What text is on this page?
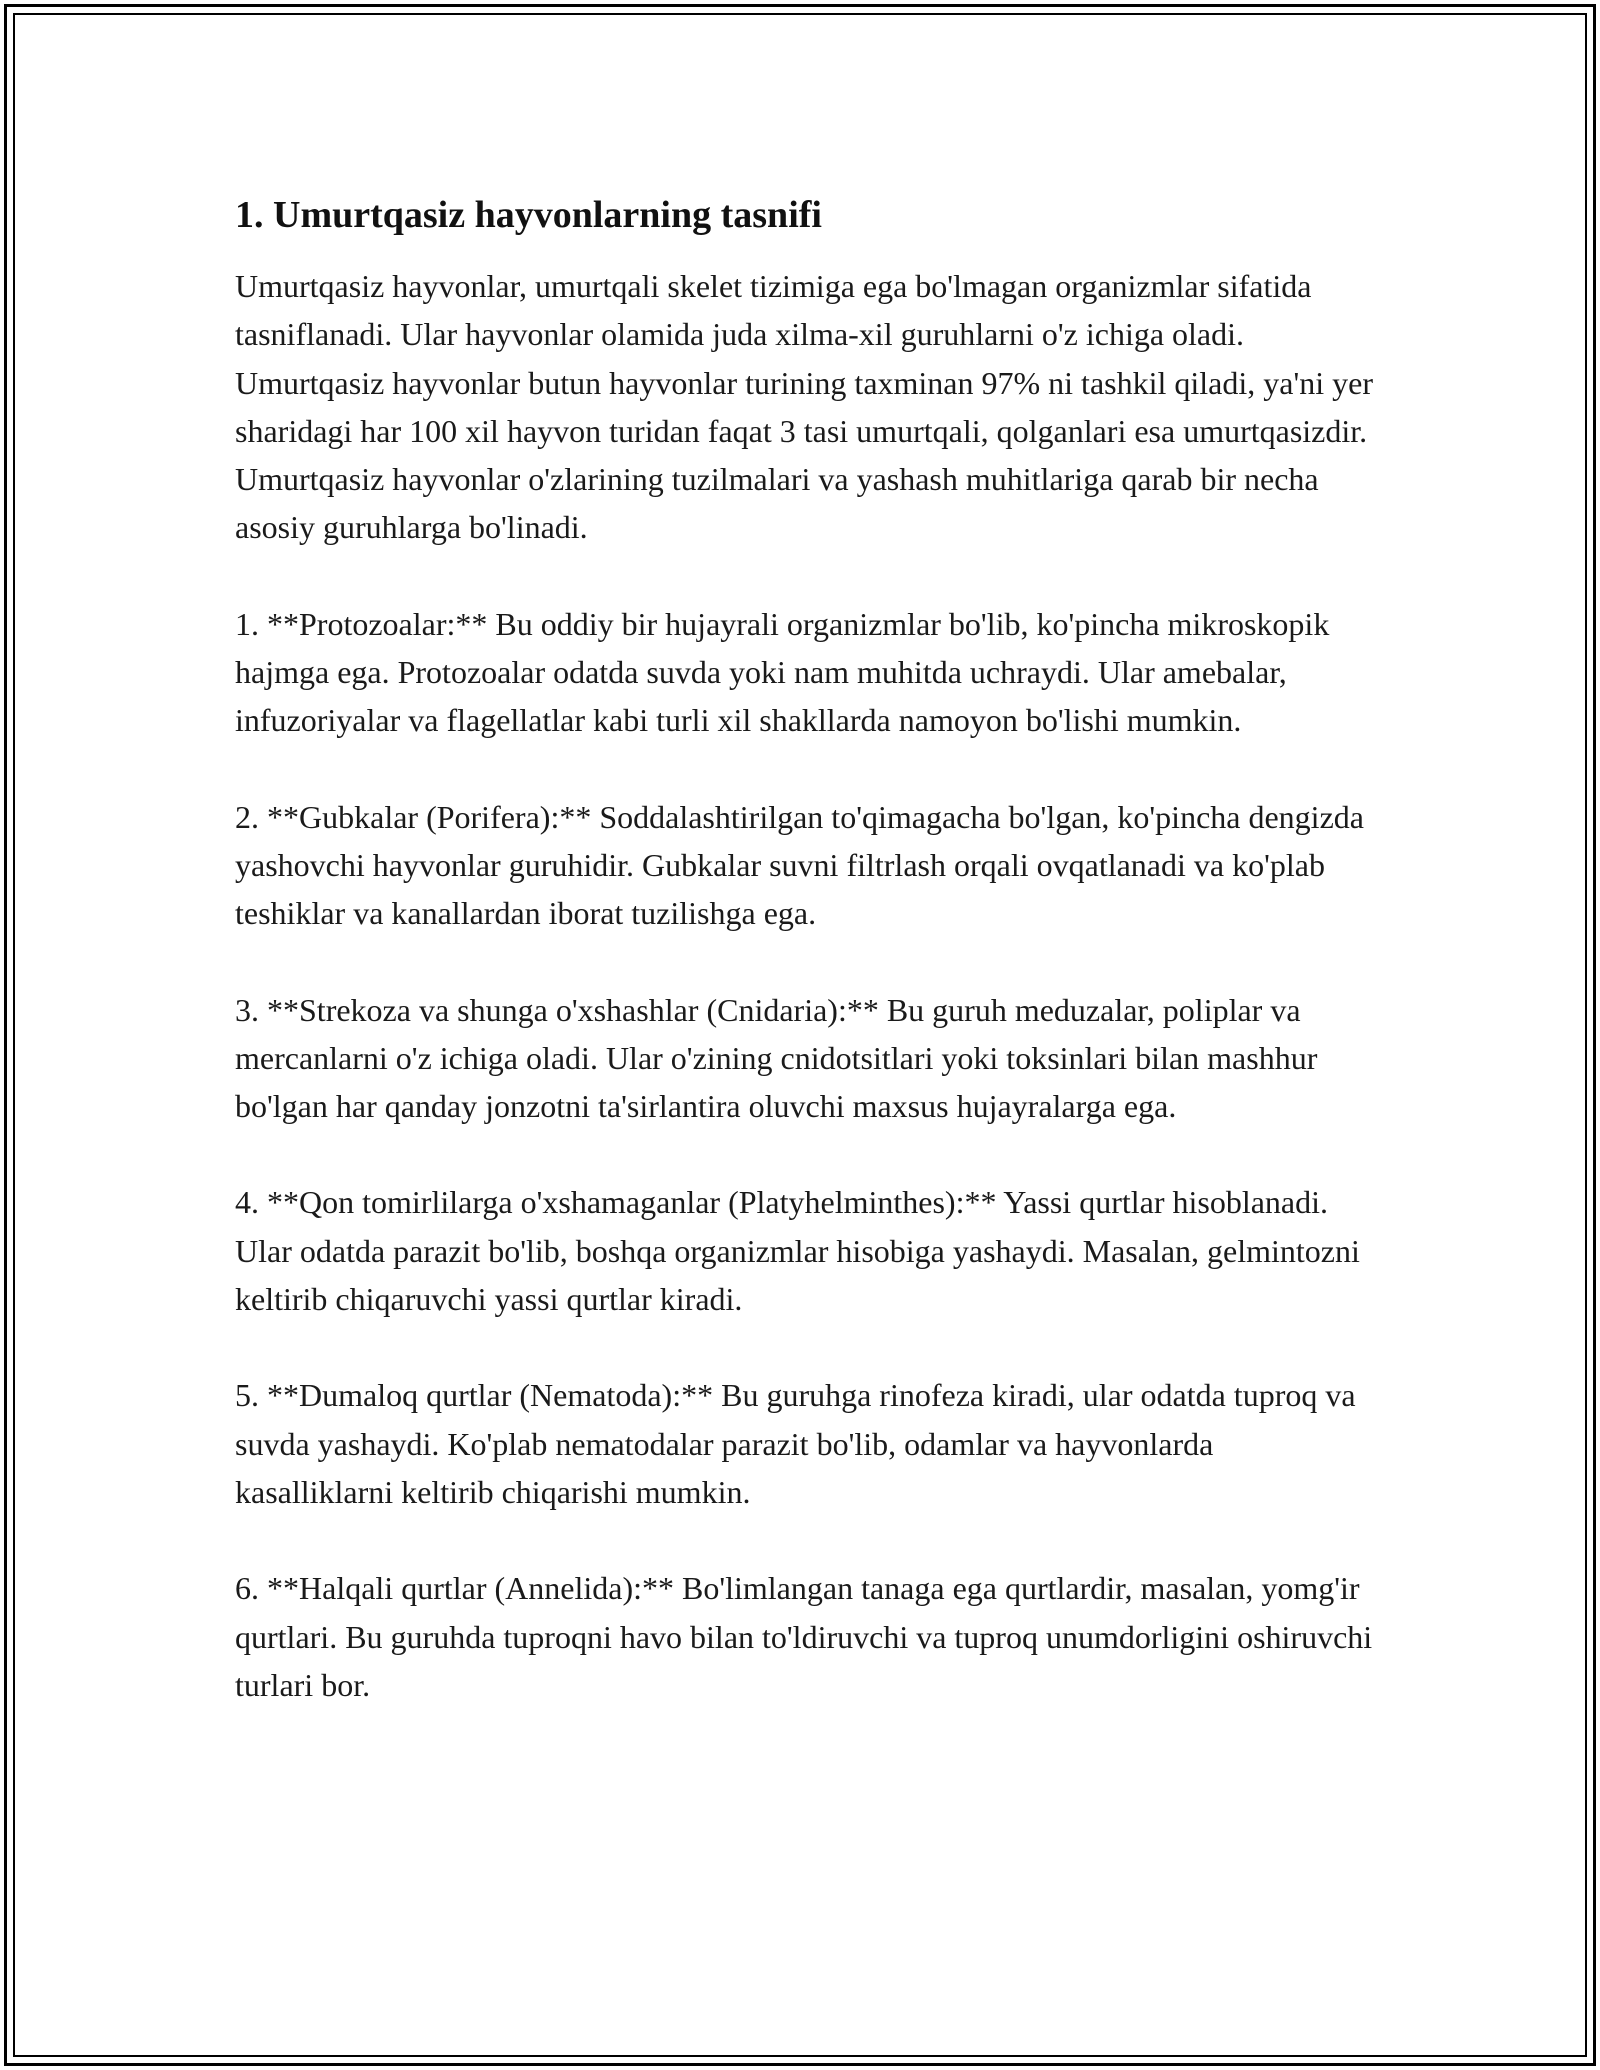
1. Umurtqasiz hayvonlarning tasnifi

Umurtqasiz hayvonlar, umurtqali skelet tizimiga ega bo'lmagan organizmlar sifatida tasniflanadi. Ular hayvonlar olamida juda xilma-xil guruhlarni o'z ichiga oladi. Umurtqasiz hayvonlar butun hayvonlar turining taxminan 97% ni tashkil qiladi, ya'ni yer sharidagi har 100 xil hayvon turidan faqat 3 tasi umurtqali, qolganlari esa umurtqasizdir. Umurtqasiz hayvonlar o'zlarining tuzilmalari va yashash muhitlariga qarab bir necha asosiy guruhlarga bo'linadi.

1. **Protozoalar:** Bu oddiy bir hujayrali organizmlar bo'lib, ko'pincha mikroskopik hajmga ega. Protozoalar odatda suvda yoki nam muhitda uchraydi. Ular amebalar, infuzoriyalar va flagellatlar kabi turli xil shakllarda namoyon bo'lishi mumkin.

2. **Gubkalar (Porifera):** Soddalashtirilgan to'qimagacha bo'lgan, ko'pincha dengizda yashovchi hayvonlar guruhidir. Gubkalar suvni filtrlash orqali ovqatlanadi va ko'plab teshiklar va kanallardan iborat tuzilishga ega.

3. **Strekoza va shunga o'xshashlar (Cnidaria):** Bu guruh meduzalar, poliplar va mercanlarni o'z ichiga oladi. Ular o'zining cnidotsitlari yoki toksinlari bilan mashhur bo'lgan har qanday jonzotni ta'sirlantira oluvchi maxsus hujayralarga ega.

4. **Qon tomirlilarga o'xshamaganlar (Platyhelminthes):** Yassi qurtlar hisoblanadi. Ular odatda parazit bo'lib, boshqa organizmlar hisobiga yashaydi. Masalan, gelmintozni keltirib chiqaruvchi yassi qurtlar kiradi.

5. **Dumaloq qurtlar (Nematoda):** Bu guruhga rinofeza kiradi, ular odatda tuproq va suvda yashaydi. Ko'plab nematodalar parazit bo'lib, odamlar va hayvonlarda kasalliklarni keltirib chiqarishi mumkin.

6. **Halqali qurtlar (Annelida):** Bo'limlangan tanaga ega qurtlardir, masalan, yomg'ir qurtlari. Bu guruhda tuproqni havo bilan to'ldiruvchi va tuproq unumdorligini oshiruvchi turlari bor.
